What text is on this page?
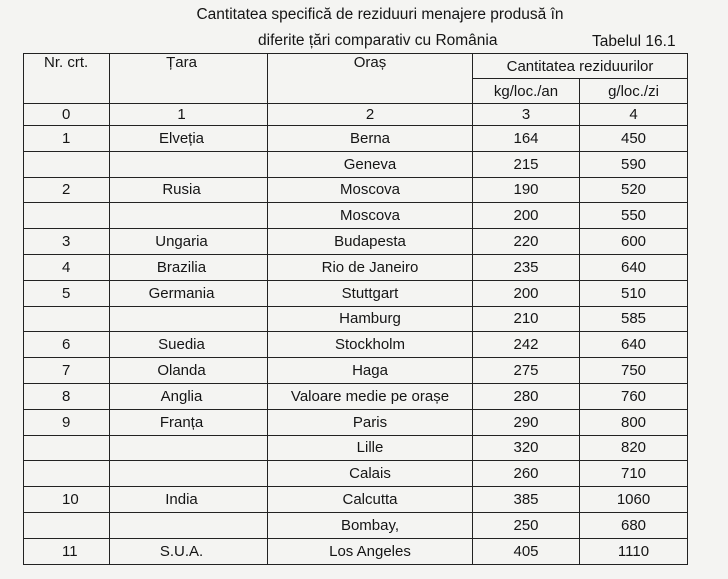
Cantitatea specifică de reziduuri menajere produsă în
diferite țări comparativ cu România	Tabelul 16.1
Nr. crt.	Țara	Oraș	Cantitatea reziduurilor	
			kg/loc./an	g/loc./zi
0	1	2	3	4
1	Elveția	Berna	164	450
		Geneva	215	590
2	Rusia	Moscova	190	520
		Moscova	200	550
3	Ungaria	Budapesta	220	600
4	Brazilia	Rio de Janeiro	235	640
5	Germania	Stuttgart	200	510
		Hamburg	210	585
6	Suedia	Stockholm	242	640
7	Olanda	Haga	275	750
8	Anglia	Valoare medie pe orașe	280	760
9	Franța	Paris	290	800
		Lille	320	820
		Calais	260	710
10	India	Calcutta	385	1060
		Bombay,	250	680
11	S.U.A.	Los Angeles	405	1110
